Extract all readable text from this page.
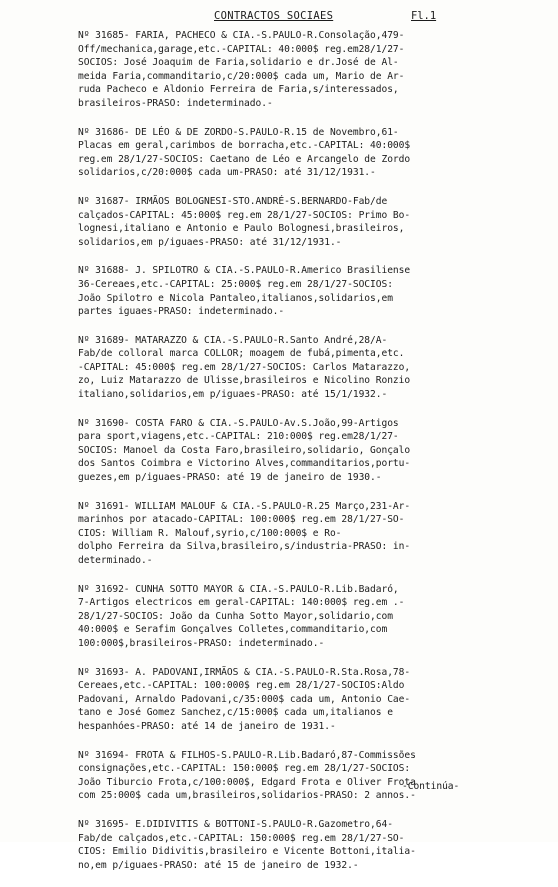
CONTRACTOS SOCIAES	Fl.1
Nº 31685- FARIA, PACHECO & CIA.-S.PAULO-R.Consolação,479-
Off/mechanica,garage,etc.-CAPITAL: 40:000$ reg.em28/1/27-
SOCIOS: José Joaquim de Faria,solidario e dr.José de Al-
meida Faria,commanditario,c/20:000$ cada um, Mario de Ar-
ruda Pacheco e Aldonio Ferreira de Faria,s/interessados,
brasileiros-PRASO: indeterminado.-
Nº 31686- DE LÉO & DE ZORDO-S.PAULO-R.15 de Novembro,61-
Placas em geral,carimbos de borracha,etc.-CAPITAL: 40:000$
reg.em 28/1/27-SOCIOS: Caetano de Léo e Arcangelo de Zordo
solidarios,c/20:000$ cada um-PRASO: até 31/12/1931.-
Nº 31687- IRMÃOS BOLOGNESI-STO.ANDRÉ-S.BERNARDO-Fab/de
calçados-CAPITAL: 45:000$ reg.em 28/1/27-SOCIOS: Primo Bo-
lognesi,italiano e Antonio e Paulo Bolognesi,brasileiros,
solidarios,em p/iguaes-PRASO: até 31/12/1931.-
Nº 31688- J. SPILOTRO & CIA.-S.PAULO-R.Americo Brasiliense
36-Cereaes,etc.-CAPITAL: 25:000$ reg.em 28/1/27-SOCIOS:
João Spilotro e Nicola Pantaleo,italianos,solidarios,em
partes iguaes-PRASO: indeterminado.-
Nº 31689- MATARAZZO & CIA.-S.PAULO-R.Santo André,28/A-
Fab/de colloral marca COLLOR; moagem de fubá,pimenta,etc.
-CAPITAL: 45:000$ reg.em 28/1/27-SOCIOS: Carlos Matarazzo,
zo, Luiz Matarazzo de Ulisse,brasileiros e Nicolino Ronzio
italiano,solidarios,em p/iguaes-PRASO: até 15/1/1932.-
Nº 31690- COSTA FARO & CIA.-S.PAULO-Av.S.João,99-Artigos
para sport,viagens,etc.-CAPITAL: 210:000$ reg.em28/1/27-
SOCIOS: Manoel da Costa Faro,brasileiro,solidario, Gonçalo
dos Santos Coimbra e Victorino Alves,commanditarios,portu-
guezes,em p/iguaes-PRASO: até 19 de janeiro de 1930.-
Nº 31691- WILLIAM MALOUF & CIA.-S.PAULO-R.25 Março,231-Ar-
marinhos por atacado-CAPITAL: 100:000$ reg.em 28/1/27-SO-
CIOS: William R. Malouf,syrio,c/100:000$ e Ro-
dolpho Ferreira da Silva,brasileiro,s/industria-PRASO: in-
determinado.-
Nº 31692- CUNHA SOTTO MAYOR & CIA.-S.PAULO-R.Lib.Badaró,
7-Artigos electricos em geral-CAPITAL: 140:000$ reg.em .-
28/1/27-SOCIOS: João da Cunha Sotto Mayor,solidario,com
40:000$ e Serafim Gonçalves Colletes,commanditario,com
100:000$,brasileiros-PRASO: indeterminado.-
Nº 31693- A. PADOVANI,IRMÃOS & CIA.-S.PAULO-R.Sta.Rosa,78-
Cereaes,etc.-CAPITAL: 100:000$ reg.em 28/1/27-SOCIOS:Aldo
Padovani, Arnaldo Padovani,c/35:000$ cada um, Antonio Cae-
tano e José Gomez Sanchez,c/15:000$ cada um,italianos e
hespanhóes-PRASO: até 14 de janeiro de 1931.-
Nº 31694- FROTA & FILHOS-S.PAULO-R.Lib.Badaró,87-Commissões
consignações,etc.-CAPITAL: 150:000$ reg.em 28/1/27-SOCIOS:
João Tiburcio Frota,c/100:000$, Edgard Frota e Oliver Frota
com 25:000$ cada um,brasileiros,solidarios-PRASO: 2 annos.-
Nº 31695- E.DIDIVITIS & BOTTONI-S.PAULO-R.Gazometro,64-
Fab/de calçados,etc.-CAPITAL: 150:000$ reg.em 28/1/27-SO-
CIOS: Emilio Didivitis,brasileiro e Vicente Bottoni,italia-
no,em p/iguaes-PRASO: até 15 de janeiro de 1932.-
-Continúa-
